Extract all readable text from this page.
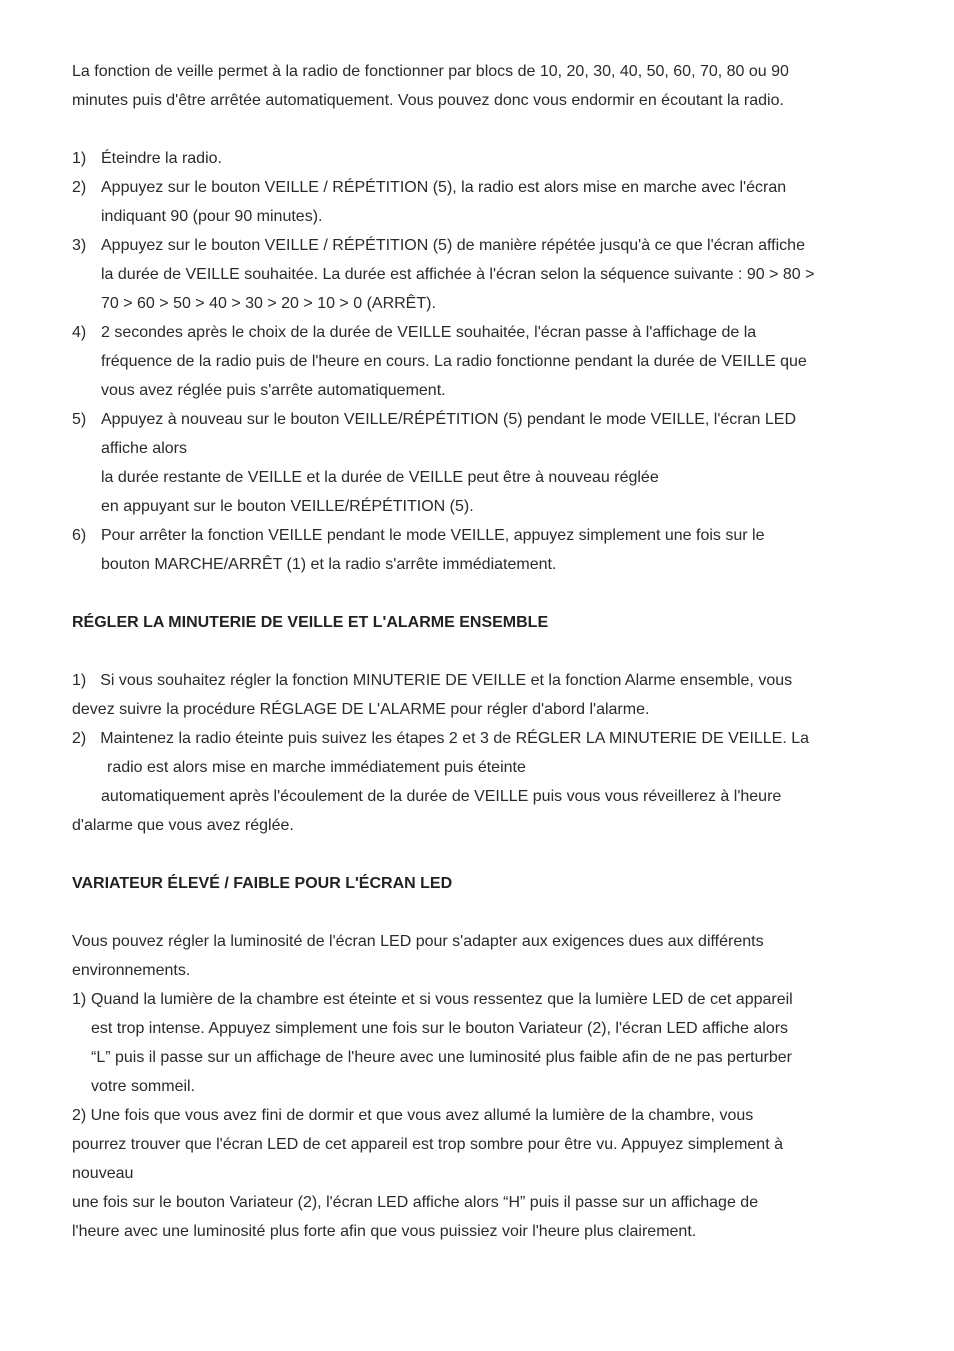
La fonction de veille permet à la radio de fonctionner par blocs de 10, 20, 30, 40, 50, 60, 70, 80 ou 90

minutes puis d'être arrêtée automatiquement. Vous pouvez donc vous endormir en écoutant la radio.

1) Éteindre la radio.
2) Appuyez sur le bouton VEILLE / RÉPÉTITION (5), la radio est alors mise en marche avec l'écran
indiquant 90 (pour 90 minutes).
3) Appuyez sur le bouton VEILLE / RÉPÉTITION (5) de manière répétée jusqu'à ce que l'écran affiche
la durée de VEILLE souhaitée. La durée est affichée à l'écran selon la séquence suivante : 90 > 80 >
70 > 60 > 50 > 40 > 30 > 20 > 10 > 0 (ARRÊT).
4) 2 secondes après le choix de la durée de VEILLE souhaitée, l'écran passe à l'affichage de la
fréquence de la radio puis de l'heure en cours. La radio fonctionne pendant la durée de VEILLE que
vous avez réglée puis s'arrête automatiquement.
5) Appuyez à nouveau sur le bouton VEILLE/RÉPÉTITION (5) pendant le mode VEILLE, l'écran LED
affiche alors
la durée restante de VEILLE et la durée de VEILLE peut être à nouveau réglée
en appuyant sur le bouton VEILLE/RÉPÉTITION (5).
6) Pour arrêter la fonction VEILLE pendant le mode VEILLE, appuyez simplement une fois sur le
bouton MARCHE/ARRÊT (1) et la radio s'arrête immédiatement.
RÉGLER LA MINUTERIE DE VEILLE ET L'ALARME ENSEMBLE

1) Si vous souhaitez régler la fonction MINUTERIE DE VEILLE et la fonction Alarme ensemble, vous

devez suivre la procédure RÉGLAGE DE L'ALARME pour régler d'abord l'alarme.

2) Maintenez la radio éteinte puis suivez les étapes 2 et 3 de RÉGLER LA MINUTERIE DE VEILLE. La

radio est alors mise en marche immédiatement puis éteinte

automatiquement après l'écoulement de la durée de VEILLE puis vous vous réveillerez à l'heure

d'alarme que vous avez réglée.

VARIATEUR ÉLEVÉ / FAIBLE POUR L'ÉCRAN LED

Vous pouvez régler la luminosité de l'écran LED pour s'adapter aux exigences dues aux différents

environnements.

1) Quand la lumière de la chambre est éteinte et si vous ressentez que la lumière LED de cet appareil
est trop intense. Appuyez simplement une fois sur le bouton Variateur (2), l'écran LED affiche alors
“L” puis il passe sur un affichage de l'heure avec une luminosité plus faible afin de ne pas perturber
votre sommeil.

2) Une fois que vous avez fini de dormir et que vous avez allumé la lumière de la chambre, vous

pourrez trouver que l'écran LED de cet appareil est trop sombre pour être vu. Appuyez simplement à

nouveau

une fois sur le bouton Variateur (2), l'écran LED affiche alors “H” puis il passe sur un affichage de

l'heure avec une luminosité plus forte afin que vous puissiez voir l'heure plus clairement.
